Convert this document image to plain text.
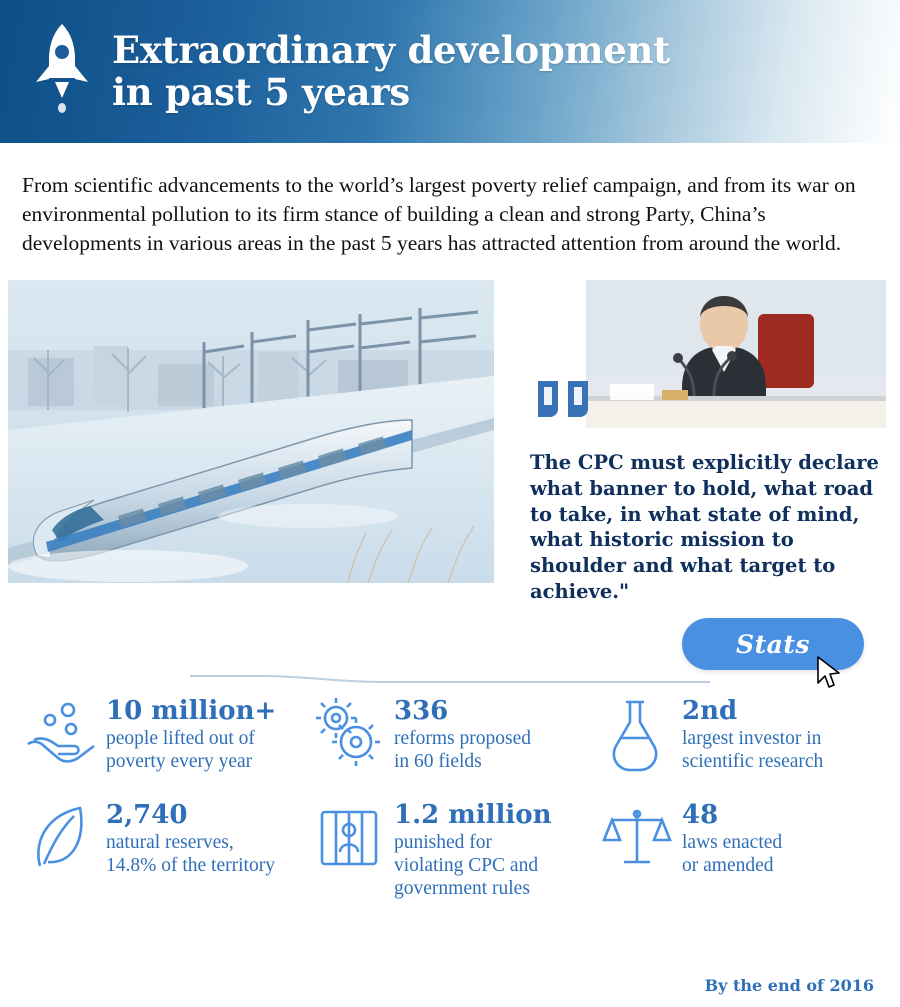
Extraordinary development
in past 5 years

From scientific advancements to the world’s largest poverty relief campaign, and from its war on environmental pollution to its firm stance of building a clean and strong Party, China’s developments in various areas in the past 5 years has attracted attention from around the world.

The CPC must explicitly declare what banner to hold, what road to take, in what state of mind, what historic mission to shoulder and what target to achieve."
Stats
10 million+
people lifted out of
poverty every year
336
reforms proposed
in 60 fields
2nd
largest investor in
scientific research
2,740
natural reserves,
14.8% of the territory
1.2 million
punished for
violating CPC and
government rules
48
laws enacted
or amended
By the end of 2016
